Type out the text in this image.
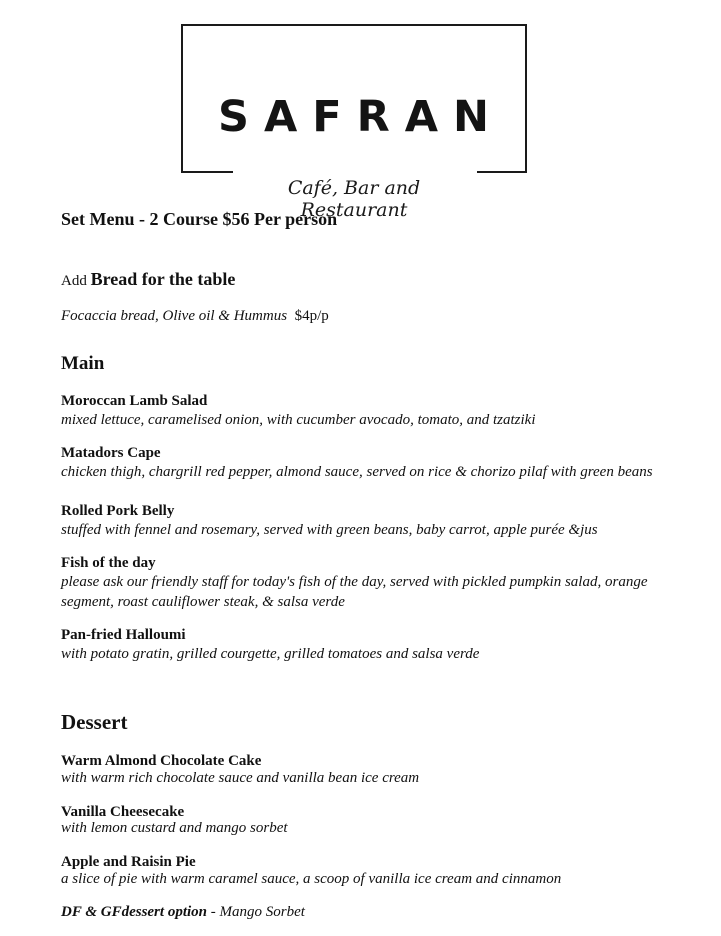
SAFRAN
Café, Bar and Restaurant
Set Menu - 2 Course $56 Per person
Add Bread for the table
Focaccia bread, Olive oil & Hummus $4p/p
Main
Moroccan Lamb Salad
mixed lettuce, caramelised onion, with cucumber avocado, tomato, and tzatziki
Matadors Cape
chicken thigh, chargrill red pepper, almond sauce, served on rice & chorizo pilaf with green beans
Rolled Pork Belly
stuffed with fennel and rosemary, served with green beans, baby carrot, apple purée &jus
Fish of the day
please ask our friendly staff for today's fish of the day, served with pickled pumpkin salad, orange segment, roast cauliflower steak, & salsa verde
Pan-fried Halloumi
with potato gratin, grilled courgette, grilled tomatoes and salsa verde
Dessert
Warm Almond Chocolate Cake
with warm rich chocolate sauce and vanilla bean ice cream
Vanilla Cheesecake
with lemon custard and mango sorbet
Apple and Raisin Pie
a slice of pie with warm caramel sauce, a scoop of vanilla ice cream and cinnamon
DF & GFdessert option - Mango Sorbet
